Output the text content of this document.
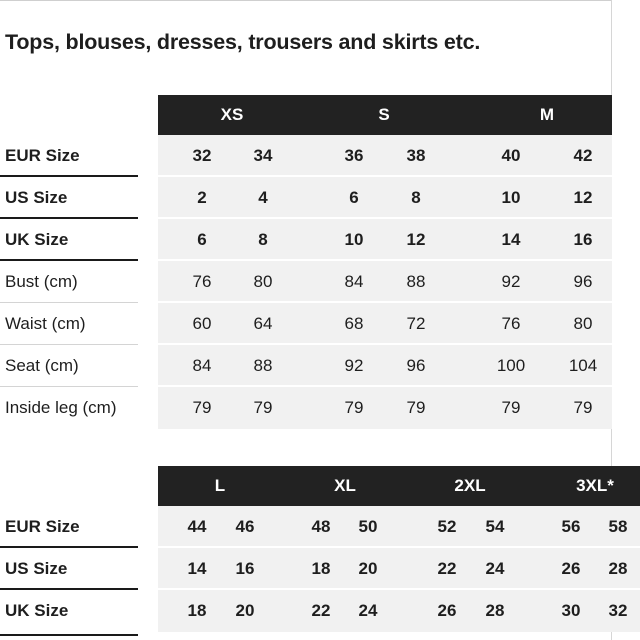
Tops, blouses, dresses, trousers and skirts etc.
XS	S	M
EUR Size	32 34	36	38	40	42
US Size	2	4	6	8	10	12
UK Size	6	8	10	12	14	16
Bust (cm)	76 80	84	88	92	96
Waist (cm)	60 64	68	72	76	80
Seat (cm)	84 88	92	96	100	104
Inside leg (cm)	79 79	79	79	79	79
L	XL	2XL	3XL*
EUR Size	44 46	48 50	52 54	56 58
US Size	14 16	18 20	22 24	26 28
UK Size	18 20	22 24	26 28	30 32
